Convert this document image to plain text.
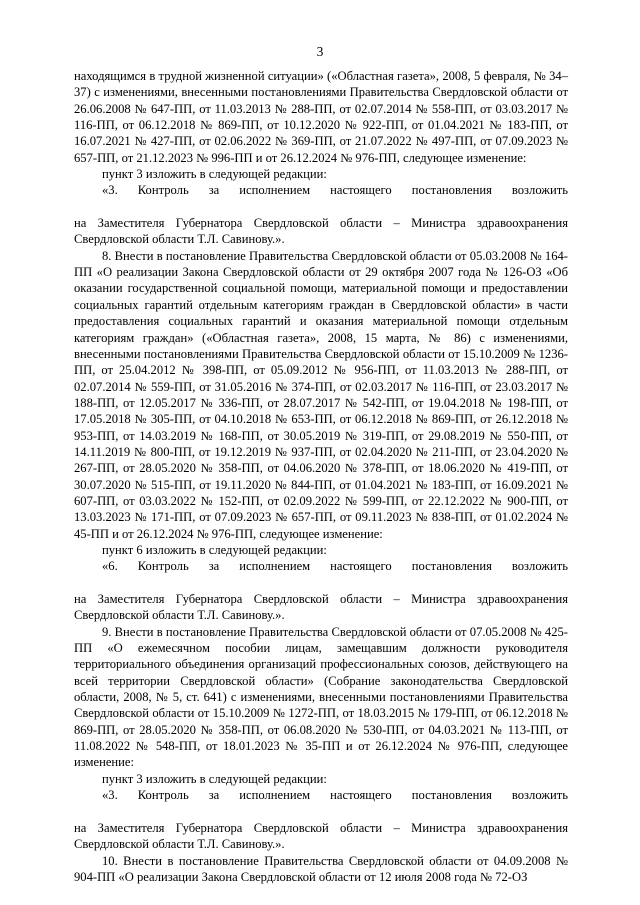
3

находящимся в трудной жизненной ситуации» («Областная газета», 2008, 5 февраля, № 34–37) с изменениями, внесенными постановлениями Правительства Свердловской области от 26.06.2008 № 647-ПП, от 11.03.2013 № 288-ПП, от 02.07.2014 № 558-ПП, от 03.03.2017 № 116-ПП, от 06.12.2018 № 869-ПП, от 10.12.2020 № 922-ПП, от 01.04.2021 № 183-ПП, от 16.07.2021 № 427-ПП, от 02.06.2022 № 369-ПП, от 21.07.2022 № 497-ПП, от 07.09.2023 № 657-ПП, от 21.12.2023 № 996-ПП и от 26.12.2024 № 976-ПП, следующее изменение:

пункт 3 изложить в следующей редакции:

«3. Контроль за исполнением настоящего постановления возложить
на Заместителя Губернатора Свердловской области – Министра здравоохранения Свердловской области Т.Л. Савинову.».

8. Внести в постановление Правительства Свердловской области от 05.03.2008 № 164-ПП «О реализации Закона Свердловской области от 29 октября 2007 года № 126-ОЗ «Об оказании государственной социальной помощи, материальной помощи и предоставлении социальных гарантий отдельным категориям граждан в Свердловской области» в части предоставления социальных гарантий и оказания материальной помощи отдельным категориям граждан» («Областная газета», 2008, 15 марта, № 86) с изменениями, внесенными постановлениями Правительства Свердловской области от 15.10.2009 № 1236-ПП, от 25.04.2012 № 398-ПП, от 05.09.2012 № 956-ПП, от 11.03.2013 № 288-ПП, от 02.07.2014 № 559-ПП, от 31.05.2016 № 374-ПП, от 02.03.2017 № 116-ПП, от 23.03.2017 № 188-ПП, от 12.05.2017 № 336-ПП, от 28.07.2017 № 542-ПП, от 19.04.2018 № 198-ПП, от 17.05.2018 № 305-ПП, от 04.10.2018 № 653-ПП, от 06.12.2018 № 869-ПП, от 26.12.2018 № 953-ПП, от 14.03.2019 № 168-ПП, от 30.05.2019 № 319-ПП, от 29.08.2019 № 550-ПП, от 14.11.2019 № 800-ПП, от 19.12.2019 № 937-ПП, от 02.04.2020 № 211-ПП, от 23.04.2020 № 267-ПП, от 28.05.2020 № 358-ПП, от 04.06.2020 № 378-ПП, от 18.06.2020 № 419-ПП, от 30.07.2020 № 515-ПП, от 19.11.2020 № 844-ПП, от 01.04.2021 № 183-ПП, от 16.09.2021 № 607-ПП, от 03.03.2022 № 152-ПП, от 02.09.2022 № 599-ПП, от 22.12.2022 № 900-ПП, от 13.03.2023 № 171-ПП, от 07.09.2023 № 657-ПП, от 09.11.2023 № 838-ПП, от 01.02.2024 № 45-ПП и от 26.12.2024 № 976-ПП, следующее изменение:

пункт 6 изложить в следующей редакции:

«6. Контроль за исполнением настоящего постановления возложить
на Заместителя Губернатора Свердловской области – Министра здравоохранения Свердловской области Т.Л. Савинову.».

9. Внести в постановление Правительства Свердловской области от 07.05.2008 № 425-ПП «О ежемесячном пособии лицам, замещавшим должности руководителя территориального объединения организаций профессиональных союзов, действующего на всей территории Свердловской области» (Собрание законодательства Свердловской области, 2008, № 5, ст. 641) с изменениями, внесенными постановлениями Правительства Свердловской области от 15.10.2009 № 1272-ПП, от 18.03.2015 № 179-ПП, от 06.12.2018 № 869-ПП, от 28.05.2020 № 358-ПП, от 06.08.2020 № 530-ПП, от 04.03.2021 № 113-ПП, от 11.08.2022 № 548-ПП, от 18.01.2023 № 35-ПП и от 26.12.2024 № 976-ПП, следующее изменение:

пункт 3 изложить в следующей редакции:

«3. Контроль за исполнением настоящего постановления возложить
на Заместителя Губернатора Свердловской области – Министра здравоохранения Свердловской области Т.Л. Савинову.».

10. Внести в постановление Правительства Свердловской области от 04.09.2008 № 904-ПП «О реализации Закона Свердловской области от 12 июля 2008 года № 72-ОЗ
